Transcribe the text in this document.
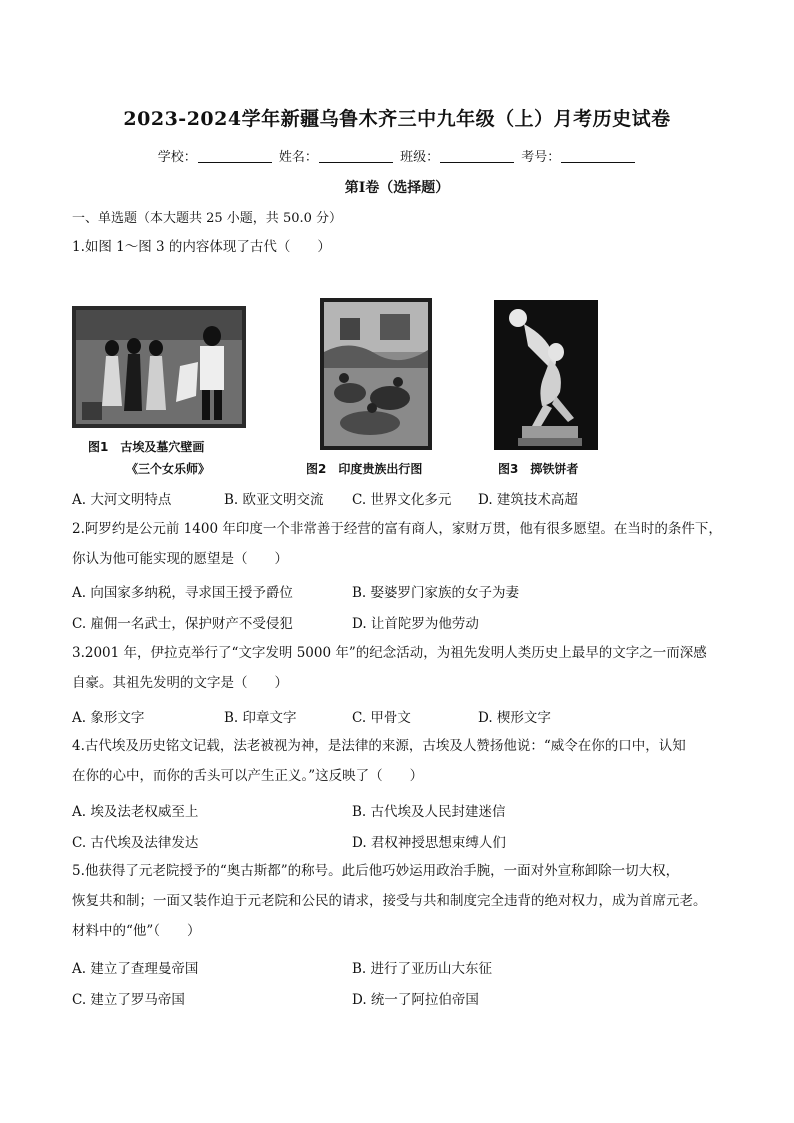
2023-2024学年新疆乌鲁木齐三中九年级（上）月考历史试卷
学校：	姓名：	班级：	考号：
第Ⅰ卷（选择题）
一、单选题（本大题共 25 小题，共 50.0 分）

1.如图 1～图 3 的内容体现了古代（　　）

图1　古埃及墓穴壁画
《三个女乐师》	图2　印度贵族出行图	图3　掷铁饼者
A. 大河文明特点	B. 欧亚文明交流 C. 世界文化多元 D. 建筑技术高超

2.阿罗约是公元前 1400 年印度一个非常善于经营的富有商人，家财万贯，他有很多愿望。在当时的条件下，

你认为他可能实现的愿望是（　　）

A. 向国家多纳税，寻求国王授予爵位	B. 娶婆罗门家族的女子为妻
C. 雇佣一名武士，保护财产不受侵犯	D. 让首陀罗为他劳动

3.2001 年，伊拉克举行了“文字发明 5000 年”的纪念活动，为祖先发明人类历史上最早的文字之一而深感

自豪。其祖先发明的文字是（　　）

A. 象形文字	B. 印章文字	C. 甲骨文	D. 楔形文字

4.古代埃及历史铭文记载，法老被视为神，是法律的来源，古埃及人赞扬他说：“威令在你的口中，认知

在你的心中，而你的舌头可以产生正义。”这反映了（　　）

A. 埃及法老权威至上	B. 古代埃及人民封建迷信
C. 古代埃及法律发达	D. 君权神授思想束缚人们

5.他获得了元老院授予的“奥古斯都”的称号。此后他巧妙运用政治手腕，一面对外宣称卸除一切大权，

恢复共和制；一面又装作迫于元老院和公民的请求，接受与共和制度完全违背的绝对权力，成为首席元老。

材料中的“他”（　　）

A. 建立了查理曼帝国	B. 进行了亚历山大东征
C. 建立了罗马帝国	D. 统一了阿拉伯帝国
